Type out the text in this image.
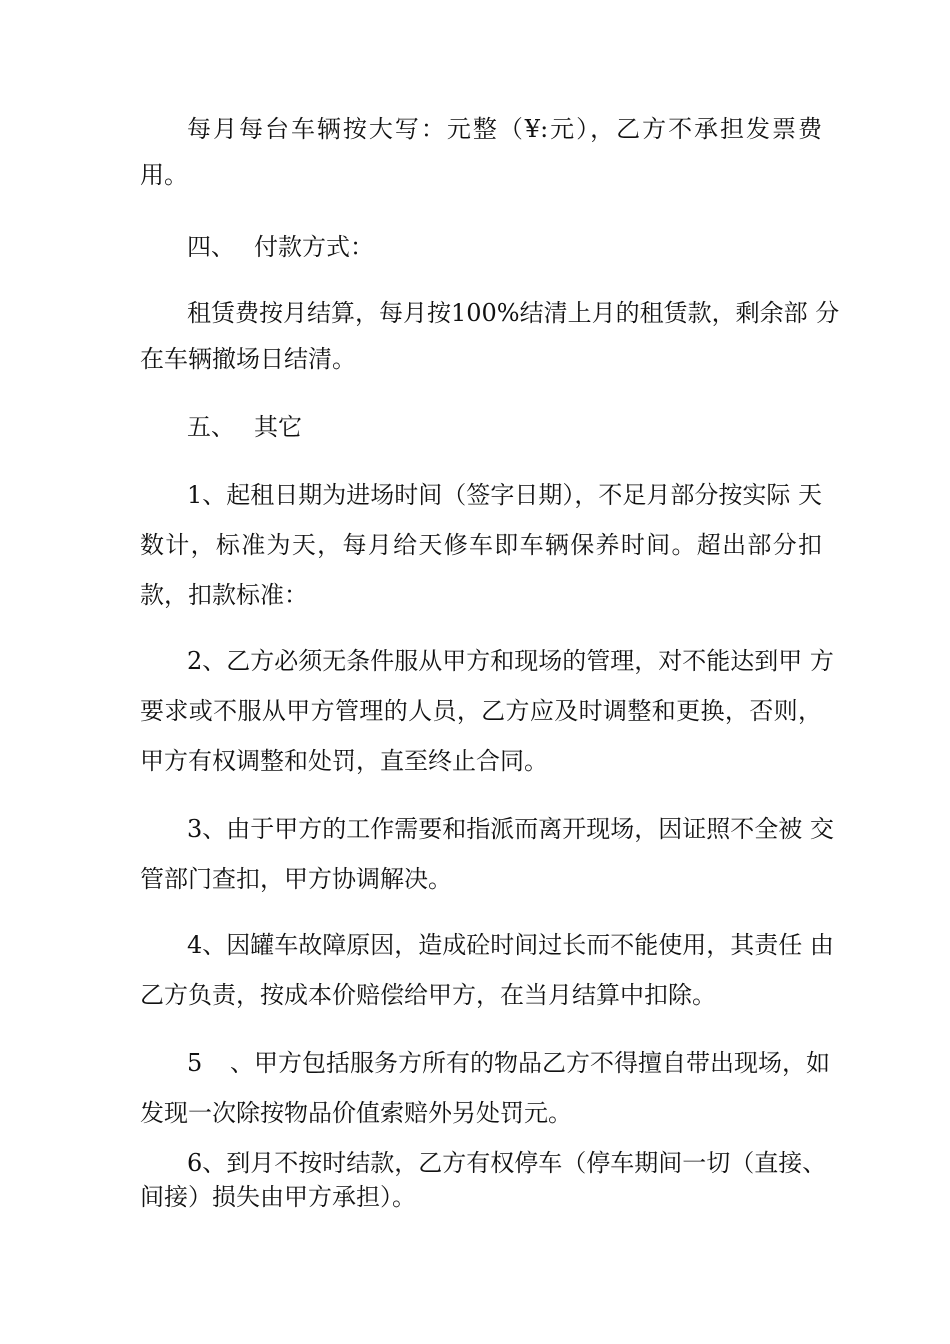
每月每台车辆按大写：元整（¥:元），乙方不承担发票费
用。
四、 付款方式：
租赁费按月结算，每月按100%结清上月的租赁款，剩余部 分
在车辆撤场日结清。
五、 其它
1、起租日期为进场时间（签字日期），不足月部分按实际 天
数计，标准为天，每月给天修车即车辆保养时间。超出部分扣
款，扣款标准：
2、乙方必须无条件服从甲方和现场的管理，对不能达到甲 方
要求或不服从甲方管理的人员，乙方应及时调整和更换，否则，
甲方有权调整和处罚，直至终止合同。
3、由于甲方的工作需要和指派而离开现场，因证照不全被 交
管部门查扣，甲方协调解决。
4、因罐车故障原因，造成砼时间过长而不能使用，其责任 由
乙方负责，按成本价赔偿给甲方，在当月结算中扣除。
5、甲方包括服务方所有的物品乙方不得擅自带出现场，如
发现一次除按物品价值索赔外另处罚元。
6、到月不按时结款，乙方有权停车（停车期间一切（直接、
间接）损失由甲方承担）。
